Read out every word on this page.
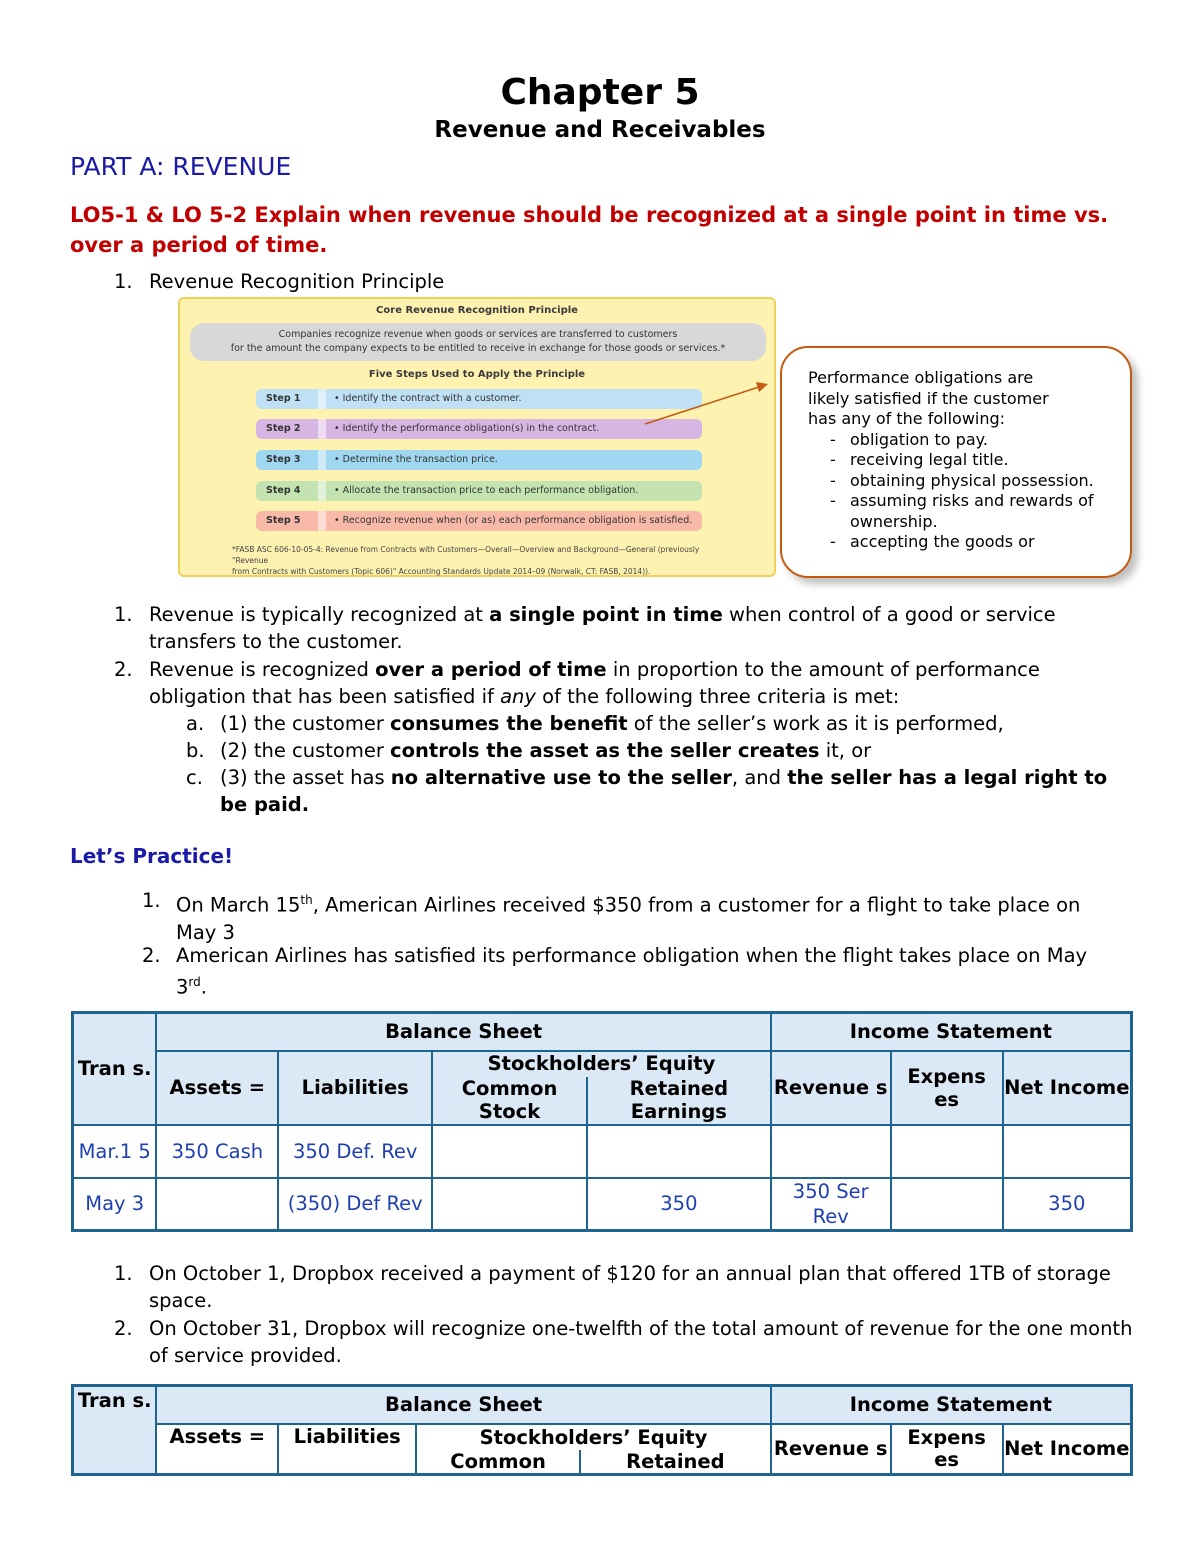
Chapter 5
Revenue and Receivables
PART A: REVENUE
LO5-1 & LO 5-2 Explain when revenue should be recognized at a single point in time vs. over a period of time.
1. Revenue Recognition Principle
Core Revenue Recognition Principle
Companies recognize revenue when goods or services are transferred to customers
for the amount the company expects to be entitled to receive in exchange for those goods or services.*
Five Steps Used to Apply the Principle
Step 1	• Identify the contract with a customer.
Step 2	• Identify the performance obligation(s) in the contract.
Step 3	• Determine the transaction price.
Step 4	• Allocate the transaction price to each performance obligation.
Step 5	• Recognize revenue when (or as) each performance obligation is satisfied.
*FASB ASC 606-10-05-4: Revenue from Contracts with Customers—Overall—Overview and Background—General (previously "Revenue
from Contracts with Customers (Topic 606)" Accounting Standards Update 2014–09 (Norwalk, CT: FASB, 2014)).
Performance obligations are
likely satisfied if the customer
has any of the following:
- obligation to pay.
- receiving legal title.
- obtaining physical possession.
- assuming risks and rewards of ownership.
- accepting the goods or
1. Revenue is typically recognized at a single point in time when control of a good or service transfers to the customer.
2. Revenue is recognized over a period of time in proportion to the amount of performance obligation that has been satisfied if any of the following three criteria is met:
a. (1) the customer consumes the benefit of the seller’s work as it is performed,
b. (2) the customer controls the asset as the seller creates it, or
c. (3) the asset has no alternative use to the seller, and the seller has a legal right to be paid.
Let’s Practice!
1. On March 15th, American Airlines received $350 from a customer for a flight to take place on May 3
2. American Airlines has satisfied its performance obligation when the flight takes place on May 3rd.
Tran s.	Balance Sheet				Income Statement		
	Assets =	Liabilities	Stockholders’ Equity		Revenue s	Expens es	Net Income
			Common Stock	Retained Earnings			
Mar.1 5	350 Cash	350 Def. Rev					
May 3		(350) Def Rev		350	350 Ser Rev		350
1. On October 1, Dropbox received a payment of $120 for an annual plan that offered 1TB of storage space.
2. On October 31, Dropbox will recognize one-twelfth of the total amount of revenue for the one month of service provided.
Tran s.	Balance Sheet				Income Statement		
	Assets =	Liabilities	Stockholders’ Equity		Revenue s	Expens es	Net Income
			Common	Retained			
